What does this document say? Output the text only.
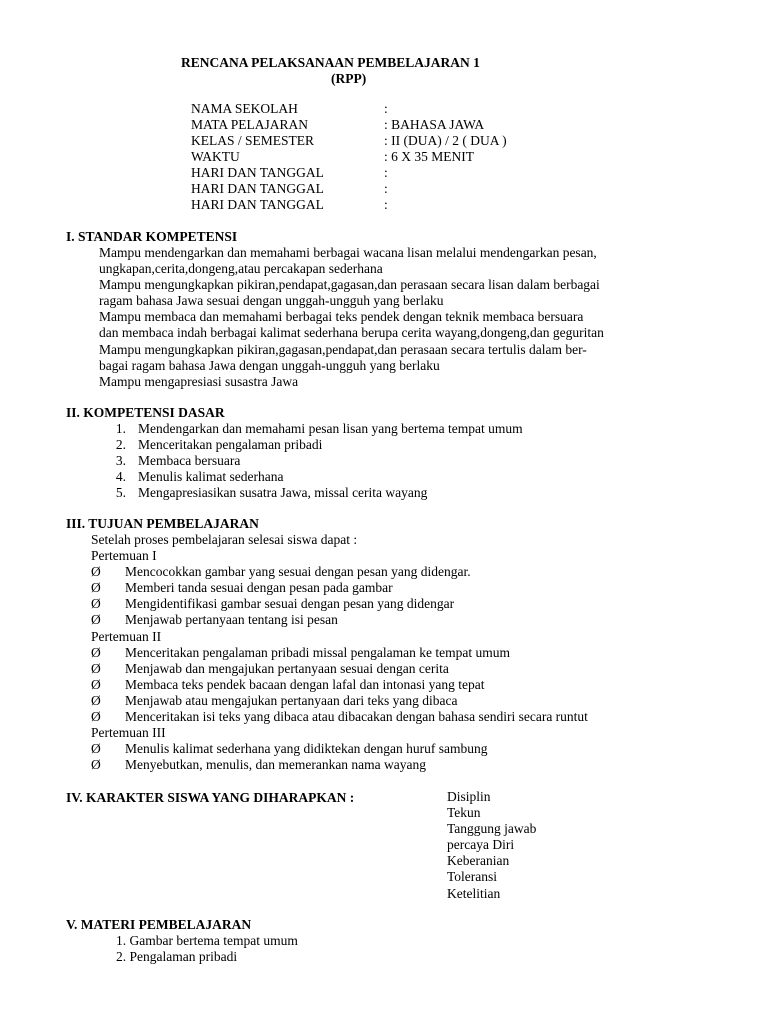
RENCANA PELAKSANAAN PEMBELAJARAN 1
(RPP)
NAMA SEKOLAH	:
MATA PELAJARAN	: BAHASA JAWA
KELAS / SEMESTER	: II (DUA) / 2 ( DUA )
WAKTU	: 6 X 35 MENIT
HARI DAN TANGGAL	:
HARI DAN TANGGAL	:
HARI DAN TANGGAL	:
I. STANDAR KOMPETENSI
Mampu mendengarkan dan memahami berbagai wacana lisan melalui mendengarkan pesan,
ungkapan,cerita,dongeng,atau percakapan sederhana
Mampu mengungkapkan pikiran,pendapat,gagasan,dan perasaan secara lisan dalam berbagai
ragam bahasa Jawa sesuai dengan unggah-ungguh yang berlaku
Mampu membaca dan memahami berbagai teks pendek dengan teknik membaca bersuara
dan membaca indah berbagai kalimat sederhana berupa cerita wayang,dongeng,dan geguritan
Mampu mengungkapkan pikiran,gagasan,pendapat,dan perasaan secara tertulis dalam ber-
bagai ragam bahasa Jawa dengan unggah-ungguh yang berlaku
Mampu mengapresiasi susastra Jawa
II. KOMPETENSI DASAR
1. Mendengarkan dan memahami pesan lisan yang bertema tempat umum
2. Menceritakan pengalaman pribadi
3. Membaca bersuara
4. Menulis kalimat sederhana
5. Mengapresiasikan susatra Jawa, missal cerita wayang
III. TUJUAN PEMBELAJARAN
Setelah proses pembelajaran selesai siswa dapat :
Pertemuan I
Ø Mencocokkan gambar yang sesuai dengan pesan yang didengar.
Ø Memberi tanda sesuai dengan pesan pada gambar
Ø Mengidentifikasi gambar sesuai dengan pesan yang didengar
Ø Menjawab pertanyaan tentang isi pesan
Pertemuan II
Ø Menceritakan pengalaman pribadi missal pengalaman ke tempat umum
Ø Menjawab dan mengajukan pertanyaan sesuai dengan cerita
Ø Membaca teks pendek bacaan dengan lafal dan intonasi yang tepat
Ø Menjawab atau mengajukan pertanyaan dari teks yang dibaca
Ø Menceritakan isi teks yang dibaca atau dibacakan dengan bahasa sendiri secara runtut
Pertemuan III
Ø Menulis kalimat sederhana yang didiktekan dengan huruf sambung
Ø Menyebutkan, menulis, dan memerankan nama wayang
IV. KARAKTER SISWA YANG DIHARAPKAN :	Disiplin
Tekun
Tanggung jawab
percaya Diri
Keberanian
Toleransi
Ketelitian
V. MATERI PEMBELAJARAN
1. Gambar bertema tempat umum
2. Pengalaman pribadi
